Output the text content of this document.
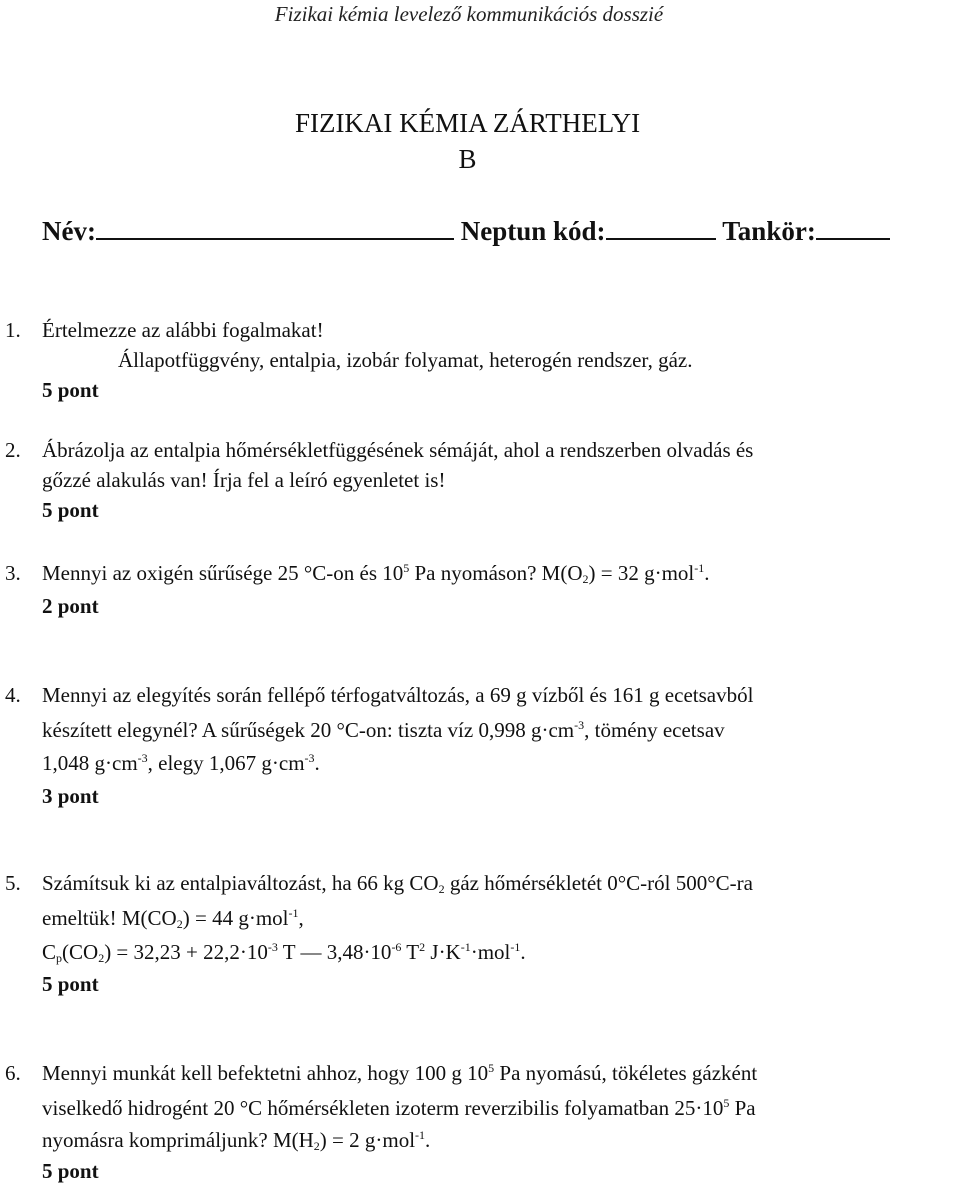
Fizikai kémia levelező kommunikációs dosszié
FIZIKAI KÉMIA ZÁRTHELYI
B
Név:	Neptun kód:	Tankör:
1. Értelmezze az alábbi fogalmakat!
Állapotfüggvény, entalpia, izobár folyamat, heterogén rendszer, gáz.
5 pont
2. Ábrázolja az entalpia hőmérsékletfüggésének sémáját, ahol a rendszerben olvadás és
gőzzé alakulás van! Írja fel a leíró egyenletet is!
5 pont
3. Mennyi az oxigén sűrűsége 25 °C-on és $10^5$ Pa nyomáson? $M(O_2) = 32$ g·mol$^{-1}$.
2 pont
4. Mennyi az elegyítés során fellépő térfogatváltozás, a 69 g vízből és 161 g ecetsavból
készített elegynél? A sűrűségek 20 °C-on: tiszta víz 0,998 $g\cdot cm^{-3}$, tömény ecetsav
1,048 $g\cdot cm^{-3}$, elegy 1,067 $g\cdot cm^{-3}$.
3 pont
5. Számítsuk ki az entalpiaváltozást, ha 66 kg $CO_2$ gáz hőmérsékletét 0°C-ról 500°C-ra
emeltük! $M(CO_2) = 44$ g·mol$^{-1}$,
$C_p(CO_2) = 32,23 + 22,2\cdot 10^{-3}$ T — $3,48\cdot 10^{-6}$ $T^2$ $J\cdot K^{-1}\cdot mol^{-1}$.
5 pont
6. Mennyi munkát kell befektetni ahhoz, hogy 100 g $10^5$ Pa nyomású, tökéletes gázként
viselkedő hidrogént 20 °C hőmérsékleten izoterm reverzibilis folyamatban $25\cdot 10^5$ Pa
nyomásra komprimáljunk? $M(H_2) = 2$ g·mol$^{-1}$.
5 pont
